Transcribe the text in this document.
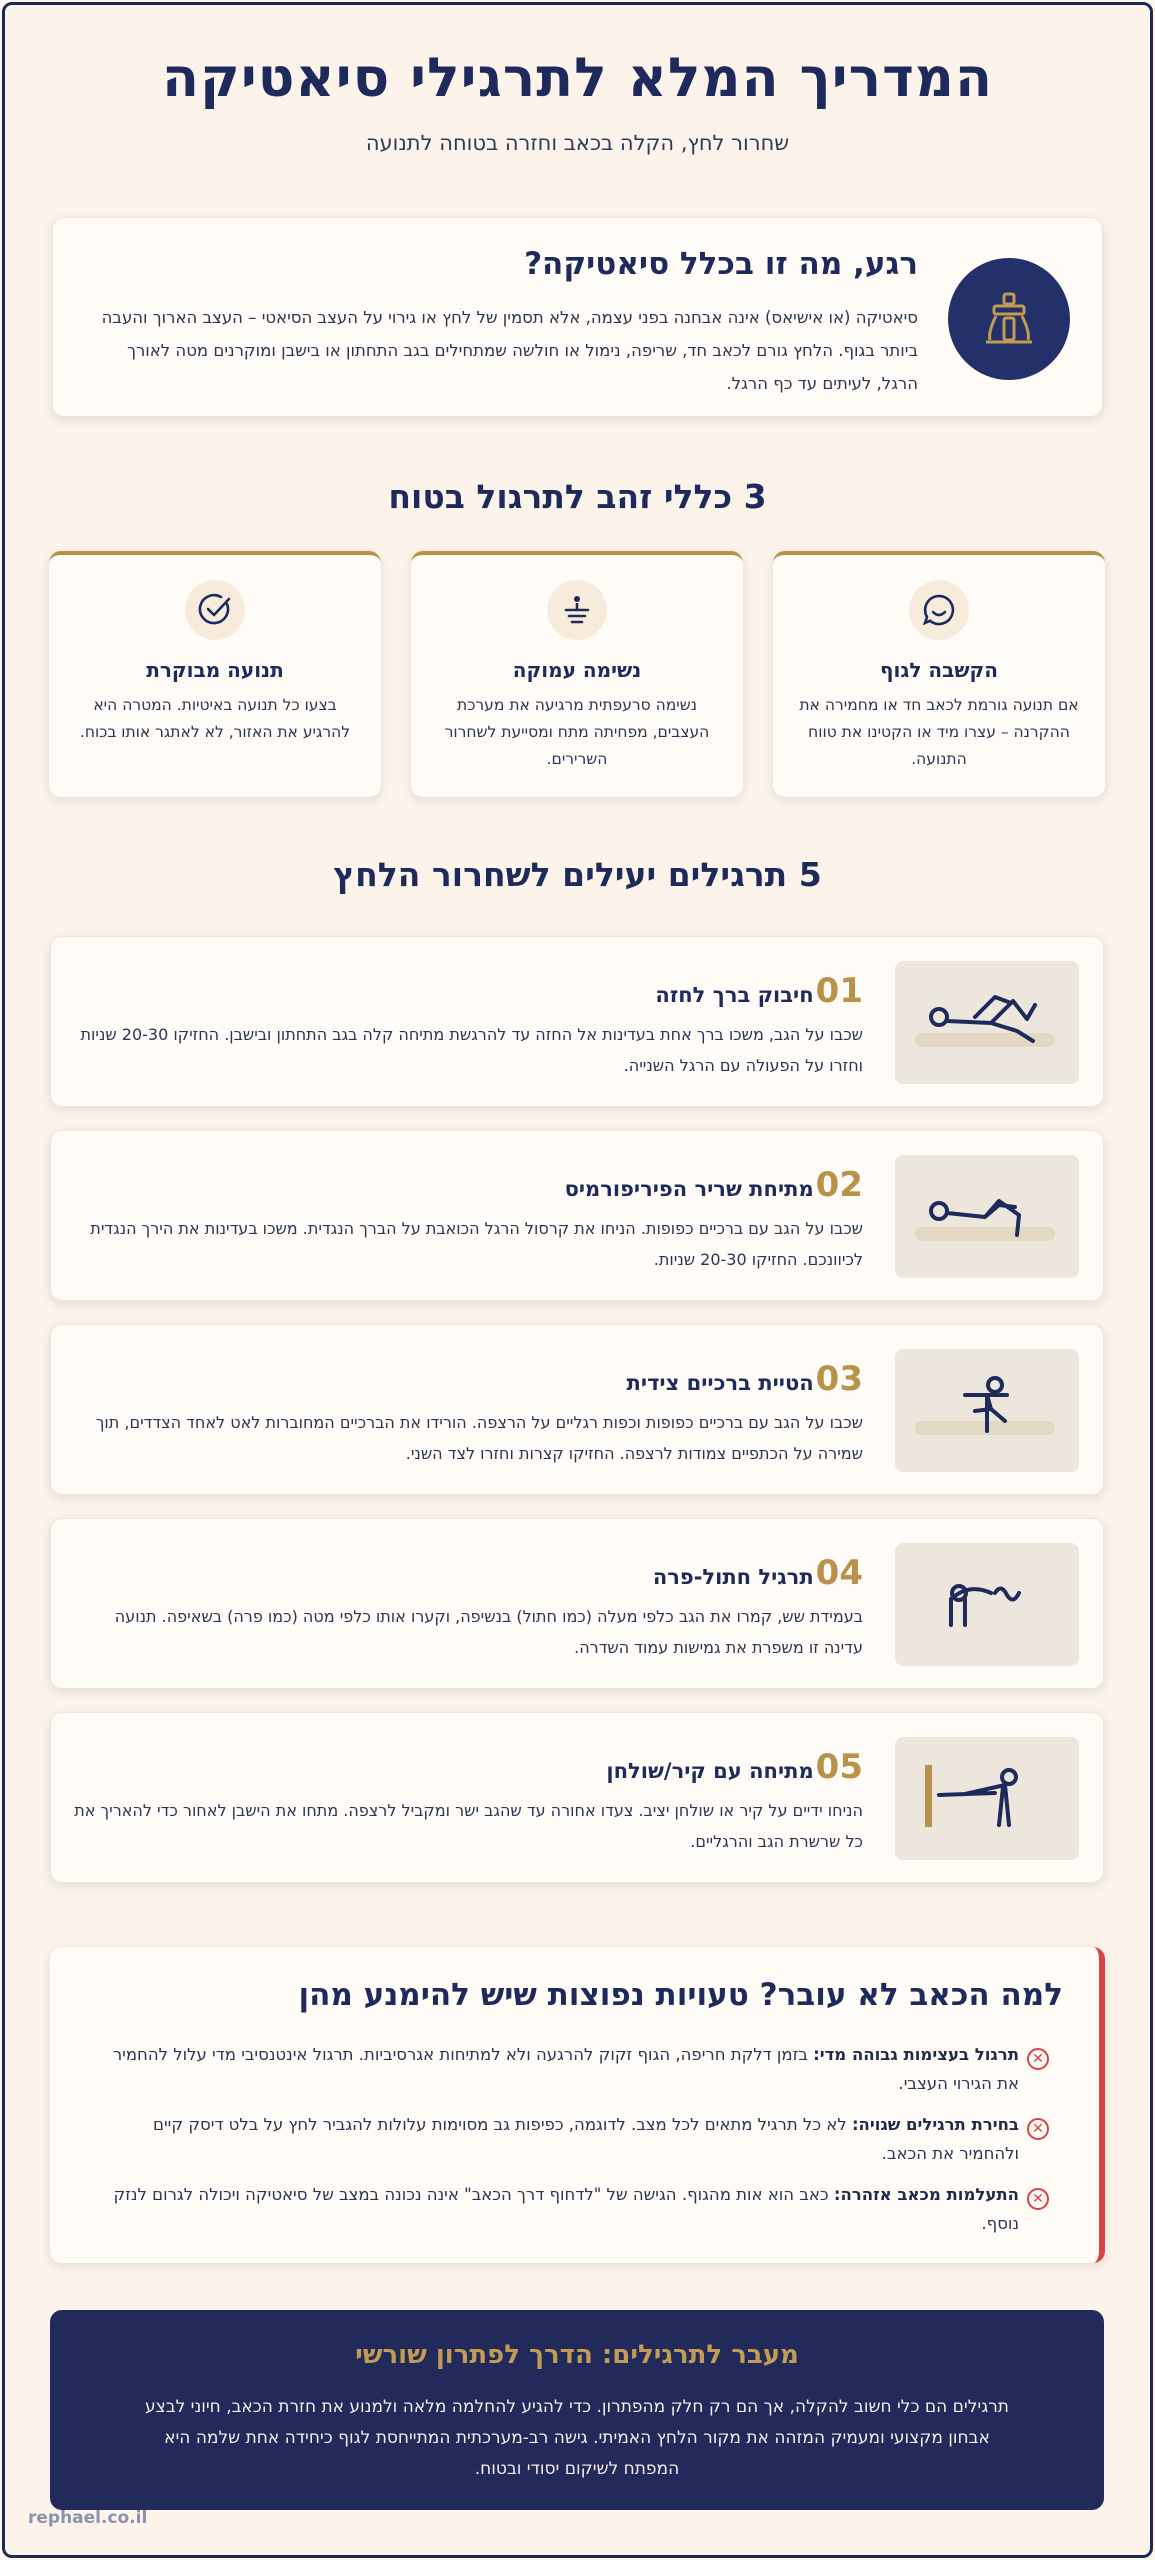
המדריך המלא לתרגילי סיאטיקה

שחרור לחץ, הקלה בכאב וחזרה בטוחה לתנועה

רגע, מה זו בכלל סיאטיקה?

סיאטיקה (או אישיאס) אינה אבחנה בפני עצמה, אלא תסמין של לחץ או גירוי על העצב הסיאטי – העצב הארוך והעבה ביותר בגוף. הלחץ גורם לכאב חד, שריפה, נימול או חולשה שמתחילים בגב התחתון או בישבן ומוקרנים מטה לאורך הרגל, לעיתים עד כף הרגל.

3 כללי זהב לתרגול בטוח
הקשבה לגוף

אם תנועה גורמת לכאב חד או מחמירה את ההקרנה – עצרו מיד או הקטינו את טווח התנועה.

נשימה עמוקה

נשימה סרעפתית מרגיעה את מערכת העצבים, מפחיתה מתח ומסייעת לשחרור השרירים.

תנועה מבוקרת

בצעו כל תנועה באיטיות. המטרה היא להרגיע את האזור, לא לאתגר אותו בכוח.

5 תרגילים יעילים לשחרור הלחץ
01
חיבוק ברך לחזה

שכבו על הגב, משכו ברך אחת בעדינות אל החזה עד להרגשת מתיחה קלה בגב התחתון ובישבן. החזיקו 20-30 שניות וחזרו על הפעולה עם הרגל השנייה.

02
מתיחת שריר הפיריפורמיס

שכבו על הגב עם ברכיים כפופות. הניחו את קרסול הרגל הכואבת על הברך הנגדית. משכו בעדינות את הירך הנגדית לכיוונכם. החזיקו 20-30 שניות.

03
הטיית ברכיים צידית

שכבו על הגב עם ברכיים כפופות וכפות רגליים על הרצפה. הורידו את הברכיים המחוברות לאט לאחד הצדדים, תוך שמירה על הכתפיים צמודות לרצפה. החזיקו קצרות וחזרו לצד השני.

04
תרגיל חתול-פרה

בעמידת שש, קמרו את הגב כלפי מעלה (כמו חתול) בנשיפה, וקערו אותו כלפי מטה (כמו פרה) בשאיפה. תנועה עדינה זו משפרת את גמישות עמוד השדרה.

05
מתיחה עם קיר/שולחן

הניחו ידיים על קיר או שולחן יציב. צעדו אחורה עד שהגב ישר ומקביל לרצפה. מתחו את הישבן לאחור כדי להאריך את כל שרשרת הגב והרגליים.

למה הכאב לא עובר? טעויות נפוצות שיש להימנע מהן
✕
תרגול בעצימות גבוהה מדי: בזמן דלקת חריפה, הגוף זקוק להרגעה ולא למתיחות אגרסיביות. תרגול אינטנסיבי מדי עלול להחמיר את הגירוי העצבי.
✕
בחירת תרגילים שגויה: לא כל תרגיל מתאים לכל מצב. לדוגמה, כפיפות גב מסוימות עלולות להגביר לחץ על בלט דיסק קיים ולהחמיר את הכאב.
✕
התעלמות מכאב אזהרה: כאב הוא אות מהגוף. הגישה של "לדחוף דרך הכאב" אינה נכונה במצב של סיאטיקה ויכולה לגרום לנזק נוסף.
מעבר לתרגילים: הדרך לפתרון שורשי

תרגילים הם כלי חשוב להקלה, אך הם רק חלק מהפתרון. כדי להגיע להחלמה מלאה ולמנוע את חזרת הכאב, חיוני לבצע אבחון מקצועי ומעמיק המזהה את מקור הלחץ האמיתי. גישה רב-מערכתית המתייחסת לגוף כיחידה אחת שלמה היא המפתח לשיקום יסודי ובטוח.

rephael.co.il
